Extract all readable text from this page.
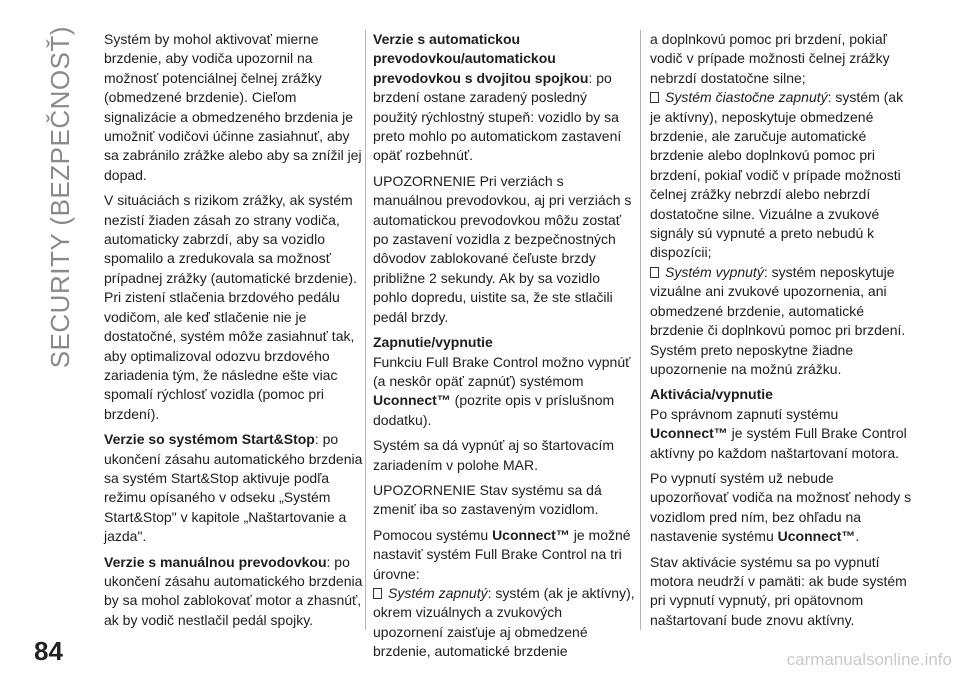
SECURITY (BEZPEČNOSŤ)
84

Systém by mohol aktivovať mierne brzdenie, aby vodiča upozornil na možnosť potenciálnej čelnej zrážky (obmedzené brzdenie). Cieľom signalizácie a obmedzeného brzdenia je umožniť vodičovi účinne zasiahnuť, aby sa zabránilo zrážke alebo aby sa znížil jej dopad.

V situáciách s rizikom zrážky, ak systém nezistí žiaden zásah zo strany vodiča, automaticky zabrzdí, aby sa vozidlo spomalilo a zredukovala sa možnosť prípadnej zrážky (automatické brzdenie). Pri zistení stlačenia brzdového pedálu vodičom, ale keď stlačenie nie je dostatočné, systém môže zasiahnuť tak, aby optimalizoval odozvu brzdového zariadenia tým, že následne ešte viac spomalí rýchlosť vozidla (pomoc pri brzdení).

Verzie so systémom Start&Stop: po ukončení zásahu automatického brzdenia sa systém Start&Stop aktivuje podľa režimu opísaného v odseku „Systém Start&Stop" v kapitole „Naštartovanie a jazda".

Verzie s manuálnou prevodovkou: po ukončení zásahu automatického brzdenia by sa mohol zablokovať motor a zhasnúť, ak by vodič nestlačil pedál spojky.

Verzie s automatickou prevodovkou/automatickou prevodovkou s dvojitou spojkou: po brzdení ostane zaradený posledný použitý rýchlostný stupeň: vozidlo by sa preto mohlo po automatickom zastavení opäť rozbehnúť.

UPOZORNENIE Pri verziách s manuálnou prevodovkou, aj pri verziách s automatickou prevodovkou môžu zostať po zastavení vozidla z bezpečnostných dôvodov zablokované čeľuste brzdy približne 2 sekundy. Ak by sa vozidlo pohlo dopredu, uistite sa, že ste stlačili pedál brzdy.

Zapnutie/vypnutie

Funkciu Full Brake Control možno vypnúť (a neskôr opäť zapnúť) systémom Uconnect™ (pozrite opis v príslušnom dodatku).

Systém sa dá vypnúť aj so štartovacím zariadením v polohe MAR.

UPOZORNENIE Stav systému sa dá zmeniť iba so zastaveným vozidlom.

Pomocou systému Uconnect™ je možné nastaviť systém Full Brake Control na tri úrovne:

Systém zapnutý: systém (ak je aktívny), okrem vizuálnych a zvukových upozornení zaisťuje aj obmedzené brzdenie, automatické brzdenie

a doplnkovú pomoc pri brzdení, pokiaľ vodič v prípade možnosti čelnej zrážky nebrzdí dostatočne silne;

Systém čiastočne zapnutý: systém (ak je aktívny), neposkytuje obmedzené brzdenie, ale zaručuje automatické brzdenie alebo doplnkovú pomoc pri brzdení, pokiaľ vodič v prípade možnosti čelnej zrážky nebrzdí alebo nebrzdí dostatočne silne. Vizuálne a zvukové signály sú vypnuté a preto nebudú k dispozícii;

Systém vypnutý: systém neposkytuje vizuálne ani zvukové upozornenia, ani obmedzené brzdenie, automatické brzdenie či doplnkovú pomoc pri brzdení. Systém preto neposkytne žiadne upozornenie na možnú zrážku.

Aktivácia/vypnutie

Po správnom zapnutí systému Uconnect™ je systém Full Brake Control aktívny po každom naštartovaní motora.

Po vypnutí systém už nebude upozorňovať vodiča na možnosť nehody s vozidlom pred ním, bez ohľadu na nastavenie systému Uconnect™.

Stav aktivácie systému sa po vypnutí motora neudrží v pamäti: ak bude systém pri vypnutí vypnutý, pri opätovnom naštartovaní bude znovu aktívny.

carmanualsonline.info
